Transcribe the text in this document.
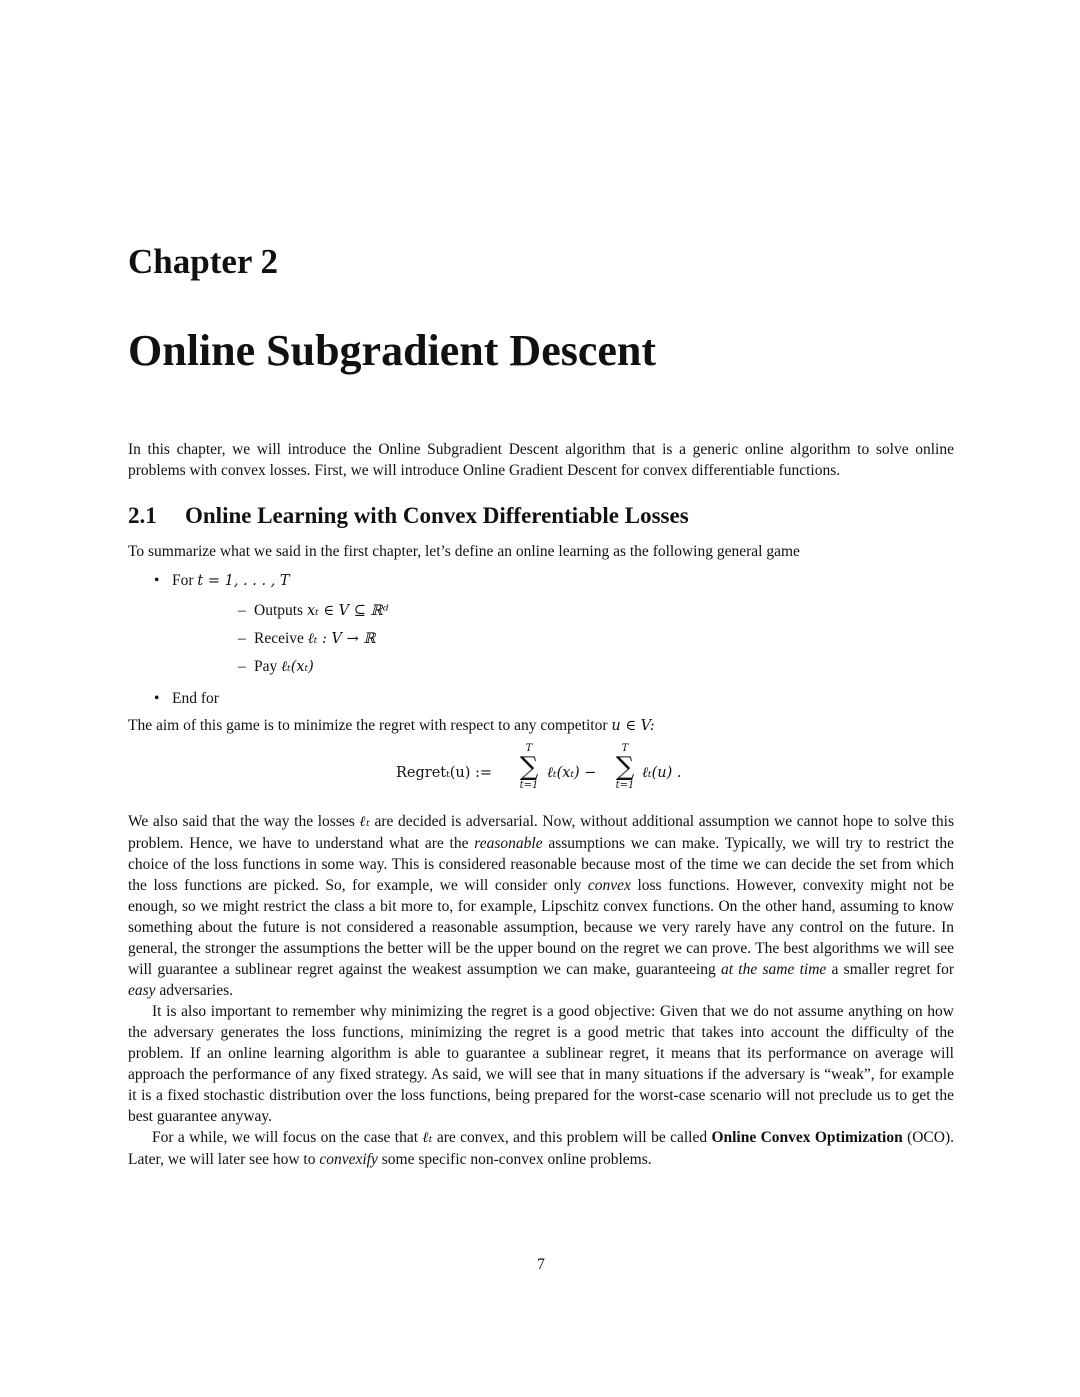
Chapter 2
Online Subgradient Descent

In this chapter, we will introduce the Online Subgradient Descent algorithm that is a generic online algorithm to solve online problems with convex losses. First, we will introduce Online Gradient Descent for convex differentiable functions.

2.1 Online Learning with Convex Differentiable Losses

To summarize what we said in the first chapter, let’s define an online learning as the following general game

• For t = 1, . . . , T
– Outputs xₜ ∈ V ⊆ ℝᵈ
– Receive ℓₜ : V → ℝ
– Pay ℓₜ(xₜ)
• End for

The aim of this game is to minimize the regret with respect to any competitor u ∈ V:

Regretₜ(u) :=
T
∑
t=1
ℓₜ(xₜ) −
T
∑
t=1
ℓₜ(u) .

We also said that the way the losses ℓₜ are decided is adversarial. Now, without additional assumption we cannot hope to solve this problem. Hence, we have to understand what are the reasonable assumptions we can make. Typically, we will try to restrict the choice of the loss functions in some way. This is considered reasonable because most of the time we can decide the set from which the loss functions are picked. So, for example, we will consider only convex loss functions. However, convexity might not be enough, so we might restrict the class a bit more to, for example, Lipschitz convex functions. On the other hand, assuming to know something about the future is not considered a reasonable assumption, because we very rarely have any control on the future. In general, the stronger the assumptions the better will be the upper bound on the regret we can prove. The best algorithms we will see will guarantee a sublinear regret against the weakest assumption we can make, guaranteeing at the same time a smaller regret for easy adversaries.

It is also important to remember why minimizing the regret is a good objective: Given that we do not assume anything on how the adversary generates the loss functions, minimizing the regret is a good metric that takes into account the difficulty of the problem. If an online learning algorithm is able to guarantee a sublinear regret, it means that its performance on average will approach the performance of any fixed strategy. As said, we will see that in many situations if the adversary is “weak”, for example it is a fixed stochastic distribution over the loss functions, being prepared for the worst-case scenario will not preclude us to get the best guarantee anyway.

For a while, we will focus on the case that ℓₜ are convex, and this problem will be called Online Convex Optimization (OCO). Later, we will later see how to convexify some specific non-convex online problems.

7
